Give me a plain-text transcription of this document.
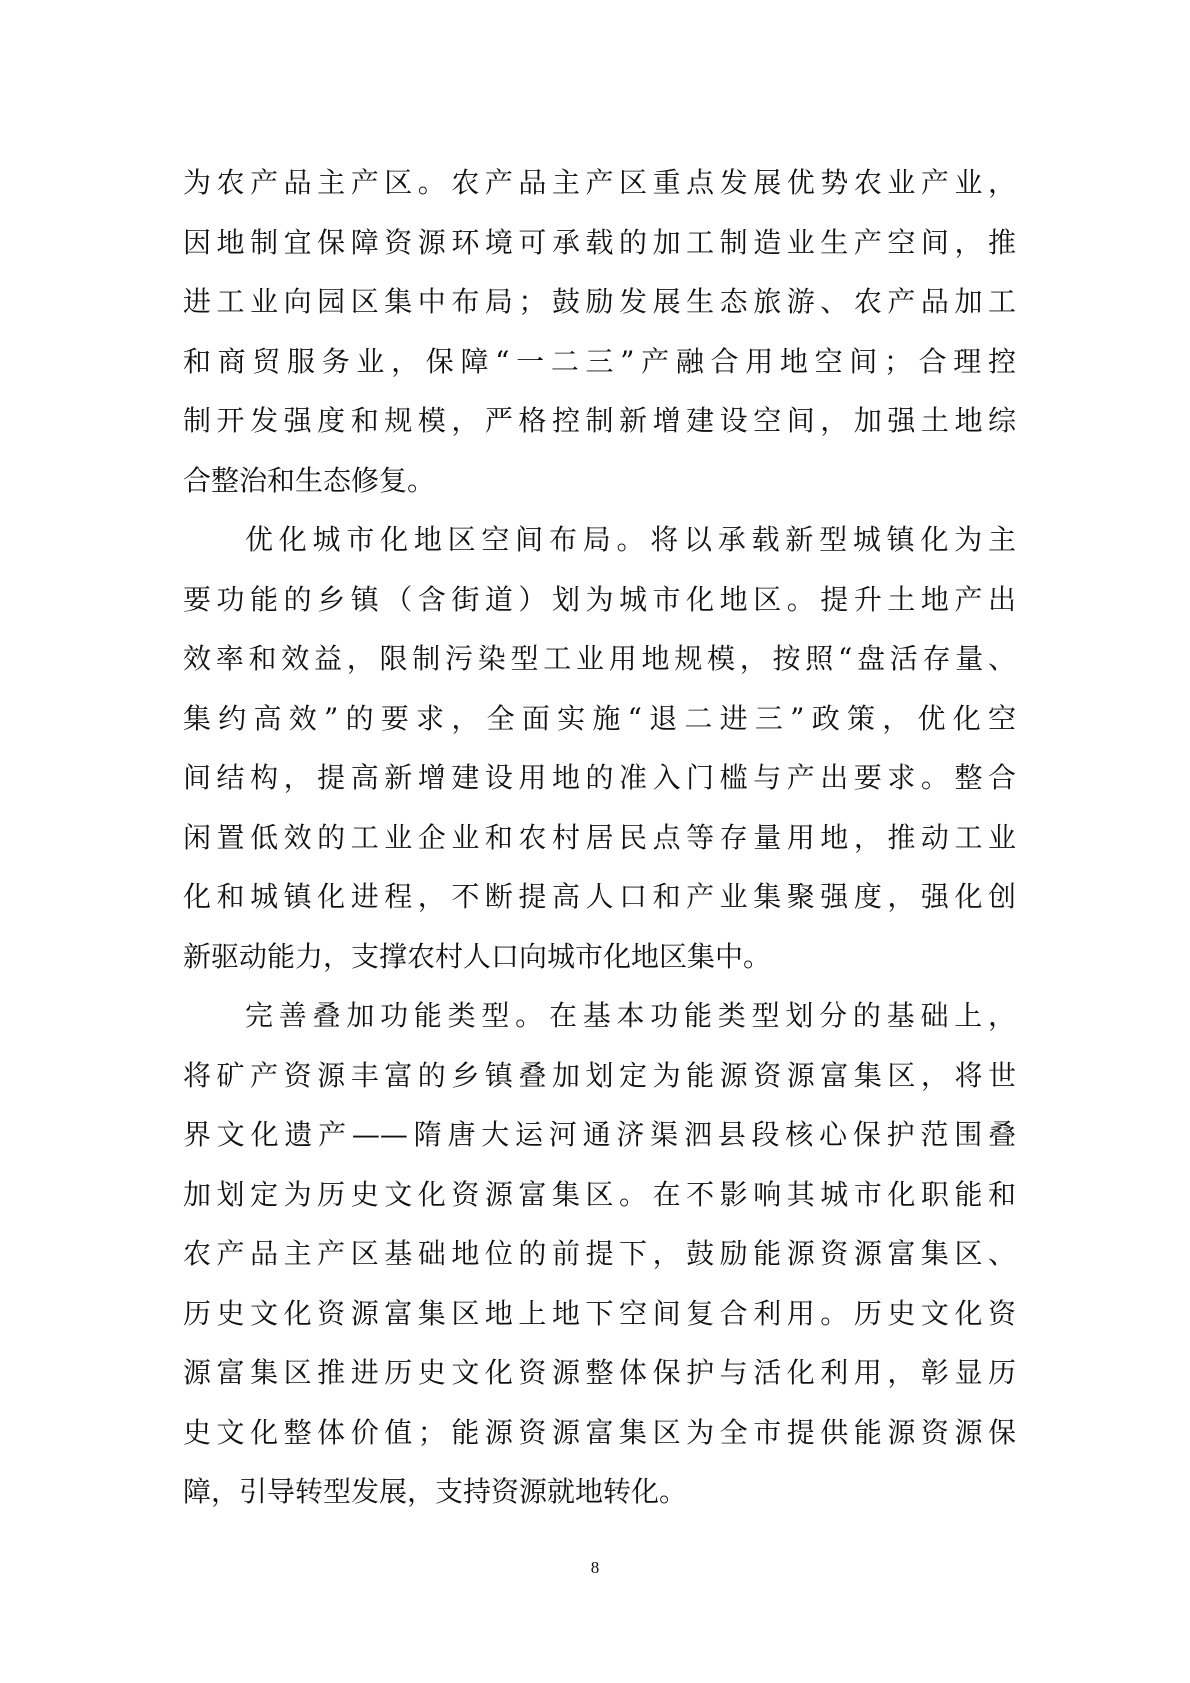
为农产品主产区。农产品主产区重点发展优势农业产业，
因地制宜保障资源环境可承载的加工制造业生产空间，推
进工业向园区集中布局；鼓励发展生态旅游、农产品加工
和商贸服务业，保障“一二三”产融合用地空间；合理控
制开发强度和规模，严格控制新增建设空间，加强土地综
合整治和生态修复。

优化城市化地区空间布局。将以承载新型城镇化为主
要功能的乡镇（含街道）划为城市化地区。提升土地产出
效率和效益，限制污染型工业用地规模，按照“盘活存量、
集约高效”的要求，全面实施“退二进三”政策，优化空
间结构，提高新增建设用地的准入门槛与产出要求。整合
闲置低效的工业企业和农村居民点等存量用地，推动工业
化和城镇化进程，不断提高人口和产业集聚强度，强化创
新驱动能力，支撑农村人口向城市化地区集中。

完善叠加功能类型。在基本功能类型划分的基础上，
将矿产资源丰富的乡镇叠加划定为能源资源富集区，将世
界文化遗产——隋唐大运河通济渠泗县段核心保护范围叠
加划定为历史文化资源富集区。在不影响其城市化职能和
农产品主产区基础地位的前提下，鼓励能源资源富集区、
历史文化资源富集区地上地下空间复合利用。历史文化资
源富集区推进历史文化资源整体保护与活化利用，彰显历
史文化整体价值；能源资源富集区为全市提供能源资源保
障，引导转型发展，支持资源就地转化。

8
